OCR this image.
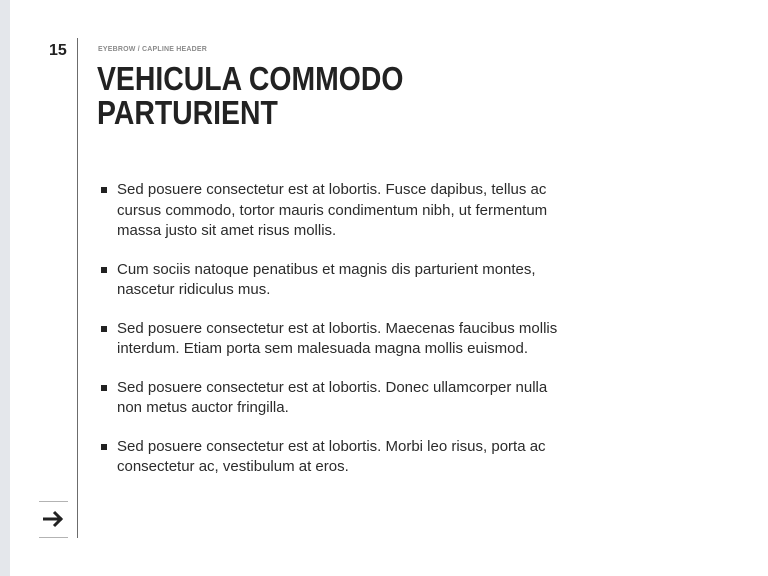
15	EYEBROW / CAPLINE HEADER
VEHICULA COMMODO
PARTURIENT
Sed posuere consectetur est at lobortis. Fusce dapibus, tellus ac cursus commodo, tortor mauris condimentum nibh, ut fermentum massa justo sit amet risus mollis.
Cum sociis natoque penatibus et magnis dis parturient montes, nascetur ridiculus mus.
Sed posuere consectetur est at lobortis. Maecenas faucibus mollis interdum. Etiam porta sem malesuada magna mollis euismod.
Sed posuere consectetur est at lobortis. Donec ullamcorper nulla non metus auctor fringilla.
Sed posuere consectetur est at lobortis. Morbi leo risus, porta ac consectetur ac, vestibulum at eros.
